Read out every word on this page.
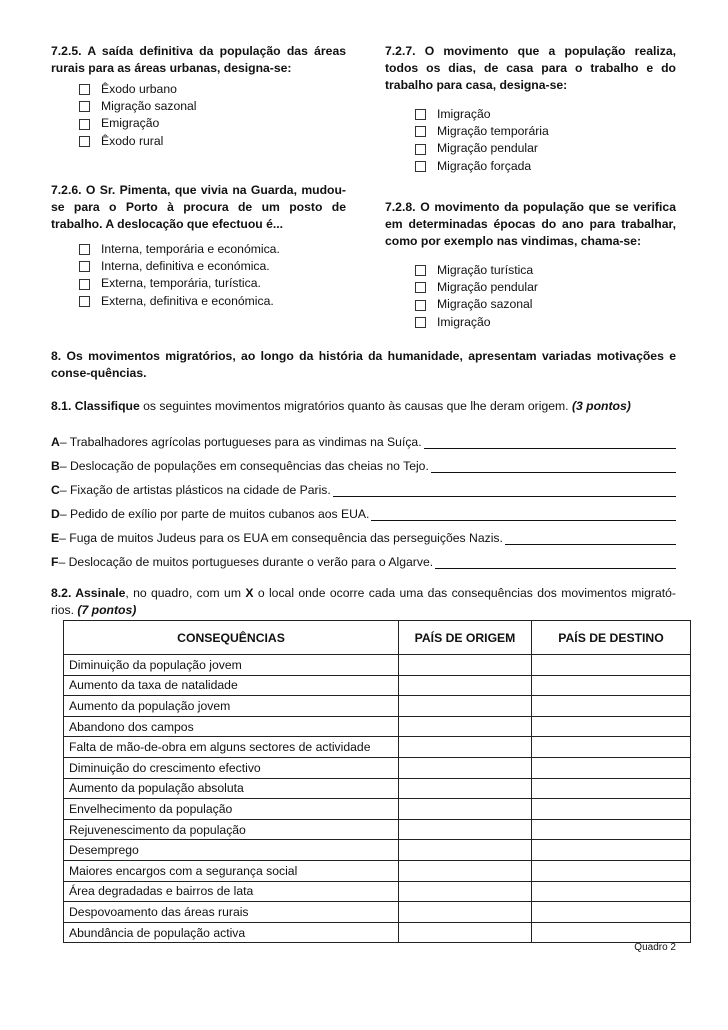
7.2.5. A saída definitiva da população das áreas rurais para as áreas urbanas, designa-se:

Êxodo urbano
Migração sazonal
Emigração
Êxodo rural

7.2.6. O Sr. Pimenta, que vivia na Guarda, mudou-se para o Porto à procura de um posto de trabalho. A deslocação que efectuou é...

Interna, temporária e económica.
Interna, definitiva e económica.
Externa, temporária, turística.
Externa, definitiva e económica.

7.2.7. O movimento que a população realiza, todos os dias, de casa para o trabalho e do trabalho para casa, designa-se:

Imigração
Migração temporária
Migração pendular
Migração forçada

7.2.8. O movimento da população que se verifica em determinadas épocas do ano para trabalhar, como por exemplo nas vindimas, chama-se:

Migração turística
Migração pendular
Migração sazonal
Imigração
8. Os movimentos migratórios, ao longo da história da humanidade, apresentam variadas motivações e conse-quências.
8.1. Classifique os seguintes movimentos migratórios quanto às causas que lhe deram origem. (3 pontos)
A – Trabalhadores agrícolas portugueses para as vindimas na Suíça.
B – Deslocação de populações em consequências das cheias no Tejo.
C – Fixação de artistas plásticos na cidade de Paris.
D – Pedido de exílio por parte de muitos cubanos aos EUA.
E – Fuga de muitos Judeus para os EUA em consequência das perseguições Nazis.
F – Deslocação de muitos portugueses durante o verão para o Algarve.
8.2. Assinale, no quadro, com um X o local onde ocorre cada uma das consequências dos movimentos migrató-rios. (7 pontos)
CONSEQUÊNCIAS	PAÍS DE ORIGEM	PAÍS DE DESTINO
Diminuição da população jovem		
Aumento da taxa de natalidade		
Aumento da população jovem		
Abandono dos campos		
Falta de mão-de-obra em alguns sectores de actividade		
Diminuição do crescimento efectivo		
Aumento da população absoluta		
Envelhecimento da população		
Rejuvenescimento da população		
Desemprego		
Maiores encargos com a segurança social		
Área degradadas e bairros de lata		
Despovoamento das áreas rurais		
Abundância de população activa		
Quadro 2
